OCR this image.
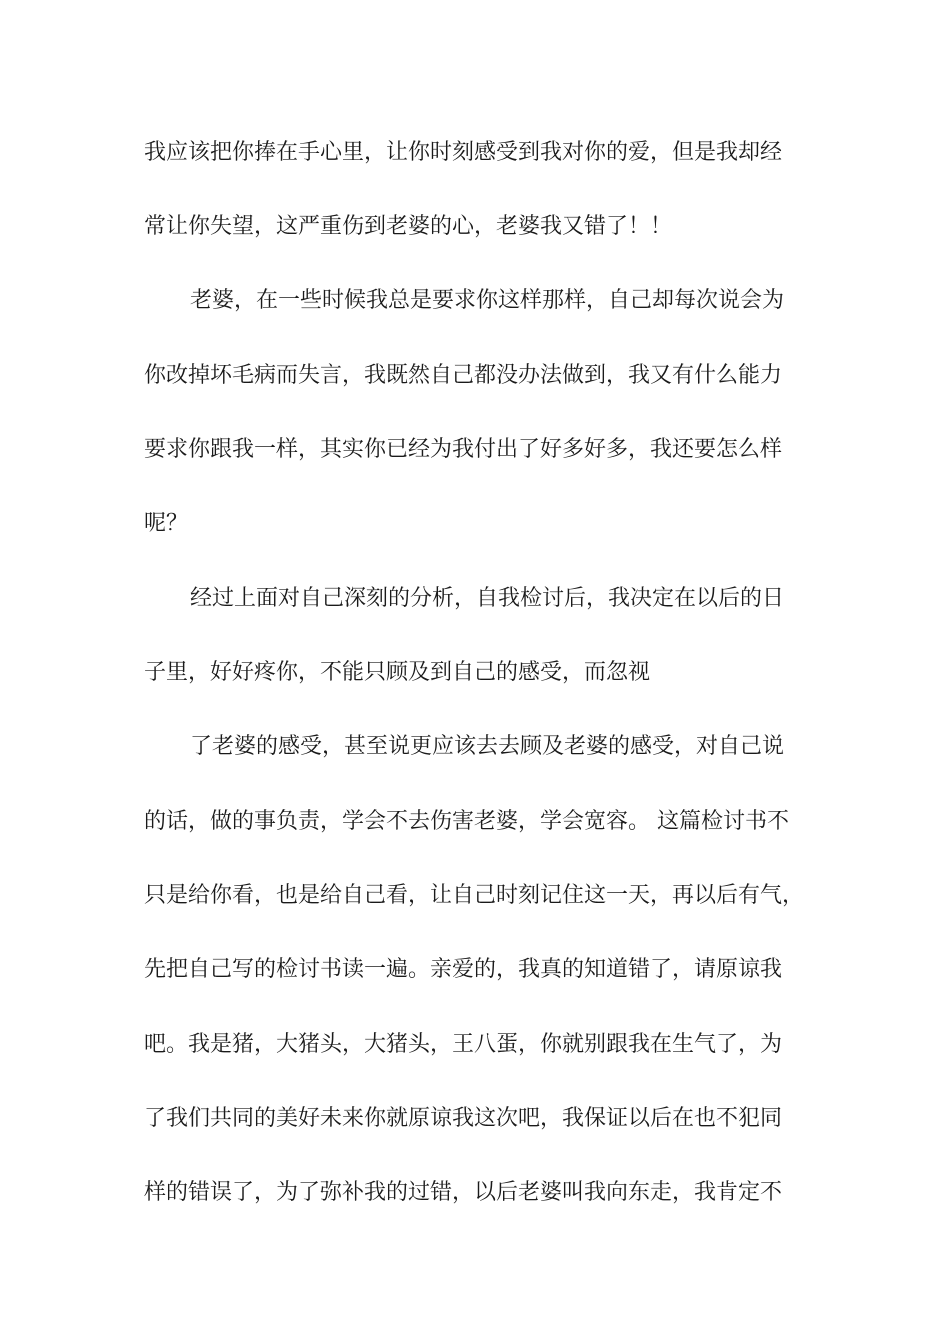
我应该把你捧在手心里，让你时刻感受到我对你的爱，但是我却经
常让你失望，这严重伤到老婆的心，老婆我又错了！！
老婆，在一些时候我总是要求你这样那样，自己却每次说会为
你改掉坏毛病而失言，我既然自己都没办法做到，我又有什么能力
要求你跟我一样，其实你已经为我付出了好多好多，我还要怎么样
呢？
经过上面对自己深刻的分析，自我检讨后，我决定在以后的日
子里，好好疼你，不能只顾及到自己的感受，而忽视
了老婆的感受，甚至说更应该去去顾及老婆的感受，对自己说
的话，做的事负责，学会不去伤害老婆，学会宽容。 这篇检讨书不
只是给你看，也是给自己看，让自己时刻记住这一天，再以后有气，
先把自己写的检讨书读一遍。亲爱的，我真的知道错了，请原谅我
吧。我是猪，大猪头，大猪头，王八蛋，你就别跟我在生气了，为
了我们共同的美好未来你就原谅我这次吧，我保证以后在也不犯同
样的错误了，为了弥补我的过错，以后老婆叫我向东走，我肯定不
